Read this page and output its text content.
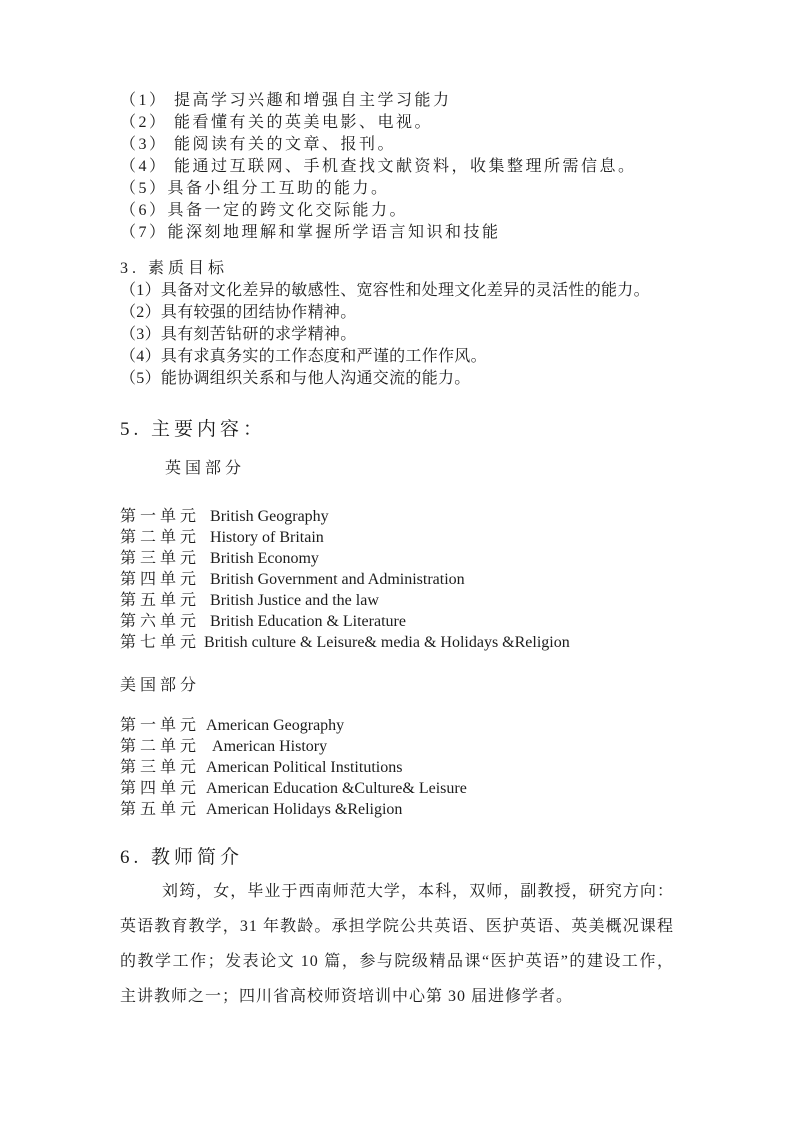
（1） 提高学习兴趣和增强自主学习能力
（2） 能看懂有关的英美电影、电视。
（3） 能阅读有关的文章、报刊。
（4） 能通过互联网、手机查找文献资料，收集整理所需信息。
（5）具备小组分工互助的能力。
（6）具备一定的跨文化交际能力。
（7）能深刻地理解和掌握所学语言知识和技能
3. 素质目标
（1）具备对文化差异的敏感性、宽容性和处理文化差异的灵活性的能力。
（2）具有较强的团结协作精神。
（3）具有刻苦钻研的求学精神。
（4）具有求真务实的工作态度和严谨的工作作风。
（5）能协调组织关系和与他人沟通交流的能力。
5. 主要内容：
英国部分
第一单元 British Geography
第二单元 History of Britain
第三单元 British Economy
第四单元 British Government and Administration
第五单元 British Justice and the law
第六单元 British Education & Literature
第七单元 British culture & Leisure& media & Holidays &Religion
美国部分
第一单元 American Geography
第二单元 American History
第三单元 American Political Institutions
第四单元 American Education &Culture& Leisure
第五单元 American Holidays &Religion
6. 教师简介

刘筠，女，毕业于西南师范大学，本科，双师，副教授，研究方向：英语教育教学，31 年教龄。承担学院公共英语、医护英语、英美概况课程的教学工作；发表论文 10 篇，参与院级精品课“医护英语”的建设工作，主讲教师之一；四川省高校师资培训中心第 30 届进修学者。
